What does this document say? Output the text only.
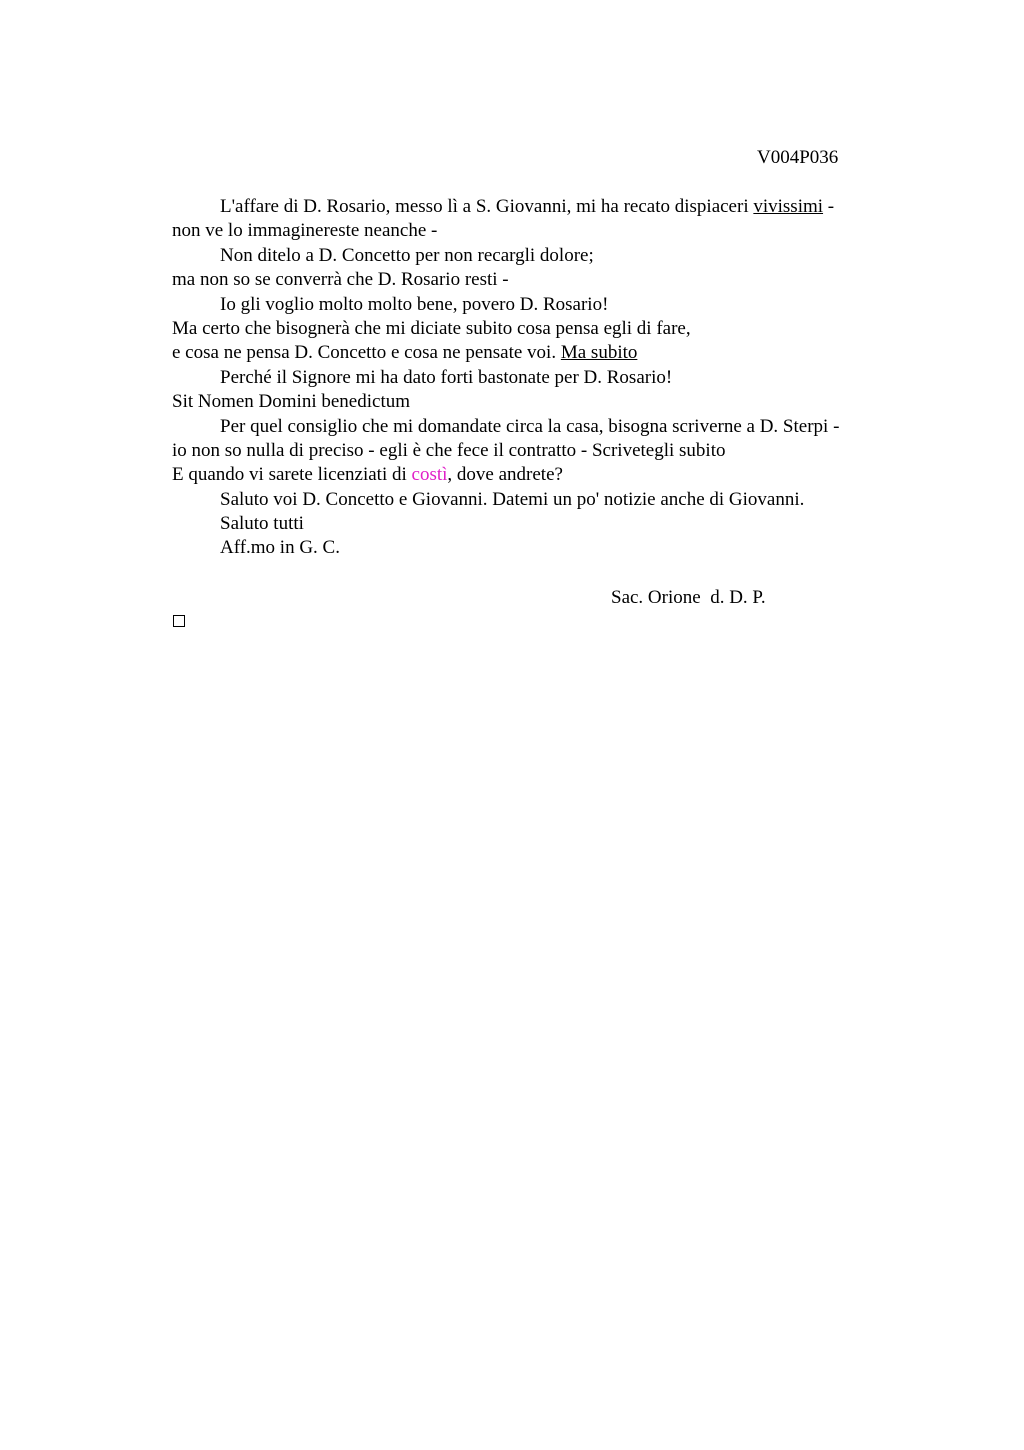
V004P036
L'affare di D. Rosario, messo lì a S. Giovanni, mi ha recato dispiaceri vivissimi -
non ve lo immaginereste neanche -
Non ditelo a D. Concetto per non recargli dolore;
ma non so se converrà che D. Rosario resti -
Io gli voglio molto molto bene, povero D. Rosario!
Ma certo che bisognerà che mi diciate subito cosa pensa egli di fare,
e cosa ne pensa D. Concetto e cosa ne pensate voi. Ma subito
Perché il Signore mi ha dato forti bastonate per D. Rosario!
Sit Nomen Domini benedictum
Per quel consiglio che mi domandate circa la casa, bisogna scriverne a D. Sterpi -
io non so nulla di preciso - egli è che fece il contratto - Scrivetegli subito
E quando vi sarete licenziati di costì, dove andrete?
Saluto voi D. Concetto e Giovanni. Datemi un po' notizie anche di Giovanni.
Saluto tutti
Aff.mo in G. C.
Sac. Orione  d. D. P.
